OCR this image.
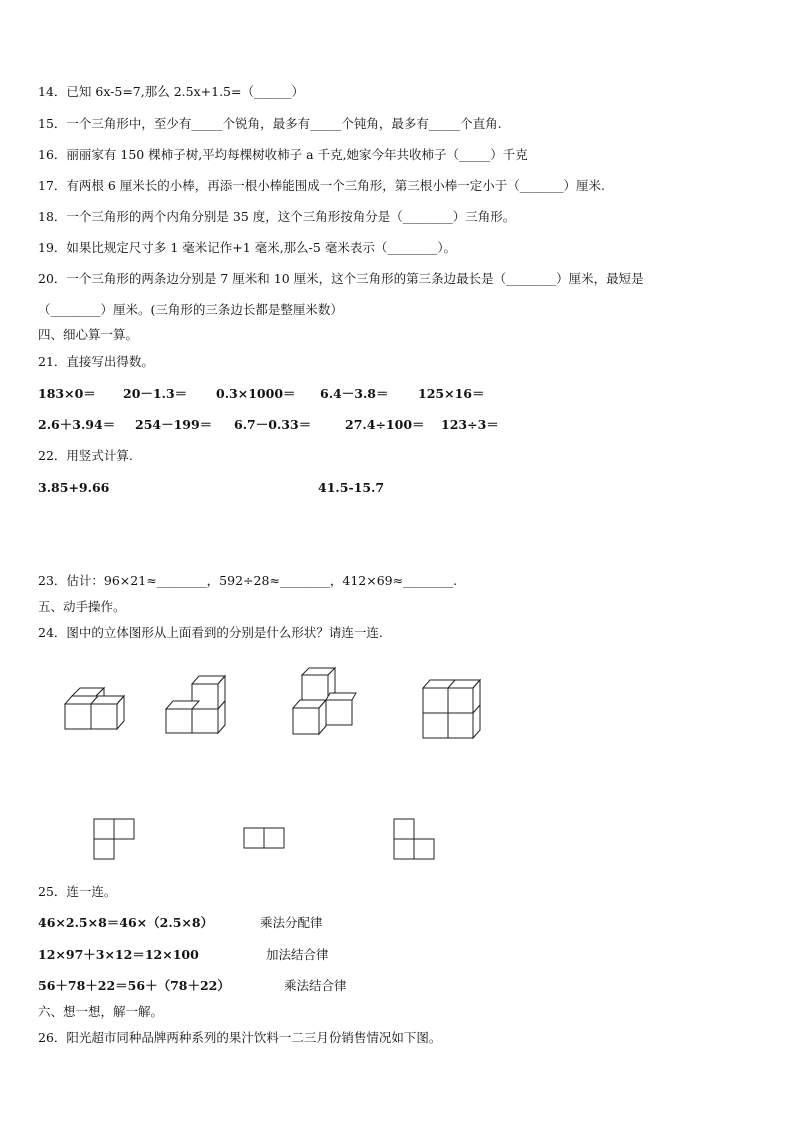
14．已知 6x-5=7,那么 2.5x+1.5=（______）
15．一个三角形中，至少有_____个锐角，最多有_____个钝角，最多有_____个直角.
16．丽丽家有 150 棵柿子树,平均每棵树收柿子 a 千克,她家今年共收柿子（_____）千克
17．有两根 6 厘米长的小棒，再添一根小棒能围成一个三角形，第三根小棒一定小于（_______）厘米.
18．一个三角形的两个内角分别是 35 度，这个三角形按角分是（________）三角形。
19．如果比规定尺寸多 1 毫米记作+1 毫米,那么-5 毫米表示（________）。
20．一个三角形的两条边分别是 7 厘米和 10 厘米，这个三角形的第三条边最长是（________）厘米，最短是
（________）厘米。(三角形的三条边长都是整厘米数）
四、细心算一算。
21．直接写出得数。
183×0＝ 20－1.3＝ 0.3×1000＝ 6.4－3.8＝ 125×16＝
2.6＋3.94＝ 254－199＝ 6.7－0.33＝	27.4÷100＝ 123÷3＝
22．用竖式计算.
3.85+9.66	41.5-15.7
23．估计：96×21≈________，592÷28≈________，412×69≈________.
五、动手操作。
24．图中的立体图形从上面看到的分别是什么形状？请连一连.
25．连一连。
46×2.5×8＝46×（2.5×8）	乘法分配律
12×97＋3×12＝12×100	加法结合律
56＋78＋22＝56＋（78＋22）	乘法结合律
六、想一想，解一解。
26．阳光超市同种品牌两种系列的果汁饮料一二三月份销售情况如下图。
